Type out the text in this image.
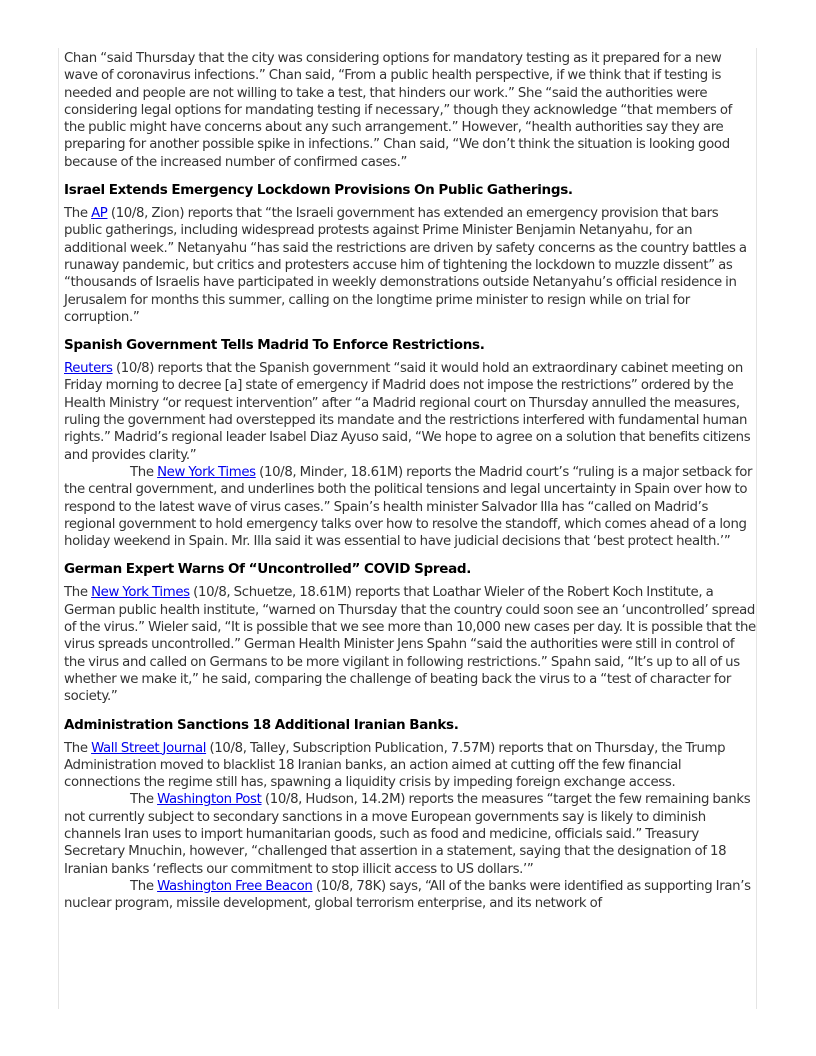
Chan “said Thursday that the city was considering options for mandatory testing as it prepared for a new wave of coronavirus infections.” Chan said, “From a public health perspective, if we think that if testing is needed and people are not willing to take a test, that hinders our work.” She “said the authorities were considering legal options for mandating testing if necessary,” though they acknowledge “that members of the public might have concerns about any such arrangement.” However, “health authorities say they are preparing for another possible spike in infections.” Chan said, “We don’t think the situation is looking good because of the increased number of confirmed cases.”

Israel Extends Emergency Lockdown Provisions On Public Gatherings.

The AP (10/8, Zion) reports that “the Israeli government has extended an emergency provision that bars public gatherings, including widespread protests against Prime Minister Benjamin Netanyahu, for an additional week.” Netanyahu “has said the restrictions are driven by safety concerns as the country battles a runaway pandemic, but critics and protesters accuse him of tightening the lockdown to muzzle dissent” as “thousands of Israelis have participated in weekly demonstrations outside Netanyahu’s official residence in Jerusalem for months this summer, calling on the longtime prime minister to resign while on trial for corruption.”

Spanish Government Tells Madrid To Enforce Restrictions.

Reuters (10/8) reports that the Spanish government “said it would hold an extraordinary cabinet meeting on Friday morning to decree [a] state of emergency if Madrid does not impose the restrictions” ordered by the Health Ministry “or request intervention” after “a Madrid regional court on Thursday annulled the measures, ruling the government had overstepped its mandate and the restrictions interfered with fundamental human rights.” Madrid’s regional leader Isabel Diaz Ayuso said, “We hope to agree on a solution that benefits citizens and provides clarity.”

The New York Times (10/8, Minder, 18.61M) reports the Madrid court’s “ruling is a major setback for the central government, and underlines both the political tensions and legal uncertainty in Spain over how to respond to the latest wave of virus cases.” Spain’s health minister Salvador Illa has “called on Madrid’s regional government to hold emergency talks over how to resolve the standoff, which comes ahead of a long holiday weekend in Spain. Mr. Illa said it was essential to have judicial decisions that ‘best protect health.’”

German Expert Warns Of “Uncontrolled” COVID Spread.

The New York Times (10/8, Schuetze, 18.61M) reports that Loathar Wieler of the Robert Koch Institute, a German public health institute, “warned on Thursday that the country could soon see an ‘uncontrolled’ spread of the virus.” Wieler said, “It is possible that we see more than 10,000 new cases per day. It is possible that the virus spreads uncontrolled.” German Health Minister Jens Spahn “said the authorities were still in control of the virus and called on Germans to be more vigilant in following restrictions.” Spahn said, “It’s up to all of us whether we make it,” he said, comparing the challenge of beating back the virus to a “test of character for society.”

Administration Sanctions 18 Additional Iranian Banks.

The Wall Street Journal (10/8, Talley, Subscription Publication, 7.57M) reports that on Thursday, the Trump Administration moved to blacklist 18 Iranian banks, an action aimed at cutting off the few financial connections the regime still has, spawning a liquidity crisis by impeding foreign exchange access.

The Washington Post (10/8, Hudson, 14.2M) reports the measures “target the few remaining banks not currently subject to secondary sanctions in a move European governments say is likely to diminish channels Iran uses to import humanitarian goods, such as food and medicine, officials said.” Treasury Secretary Mnuchin, however, “challenged that assertion in a statement, saying that the designation of 18 Iranian banks ‘reflects our commitment to stop illicit access to US dollars.’”

The Washington Free Beacon (10/8, 78K) says, “All of the banks were identified as supporting Iran’s nuclear program, missile development, global terrorism enterprise, and its network of
